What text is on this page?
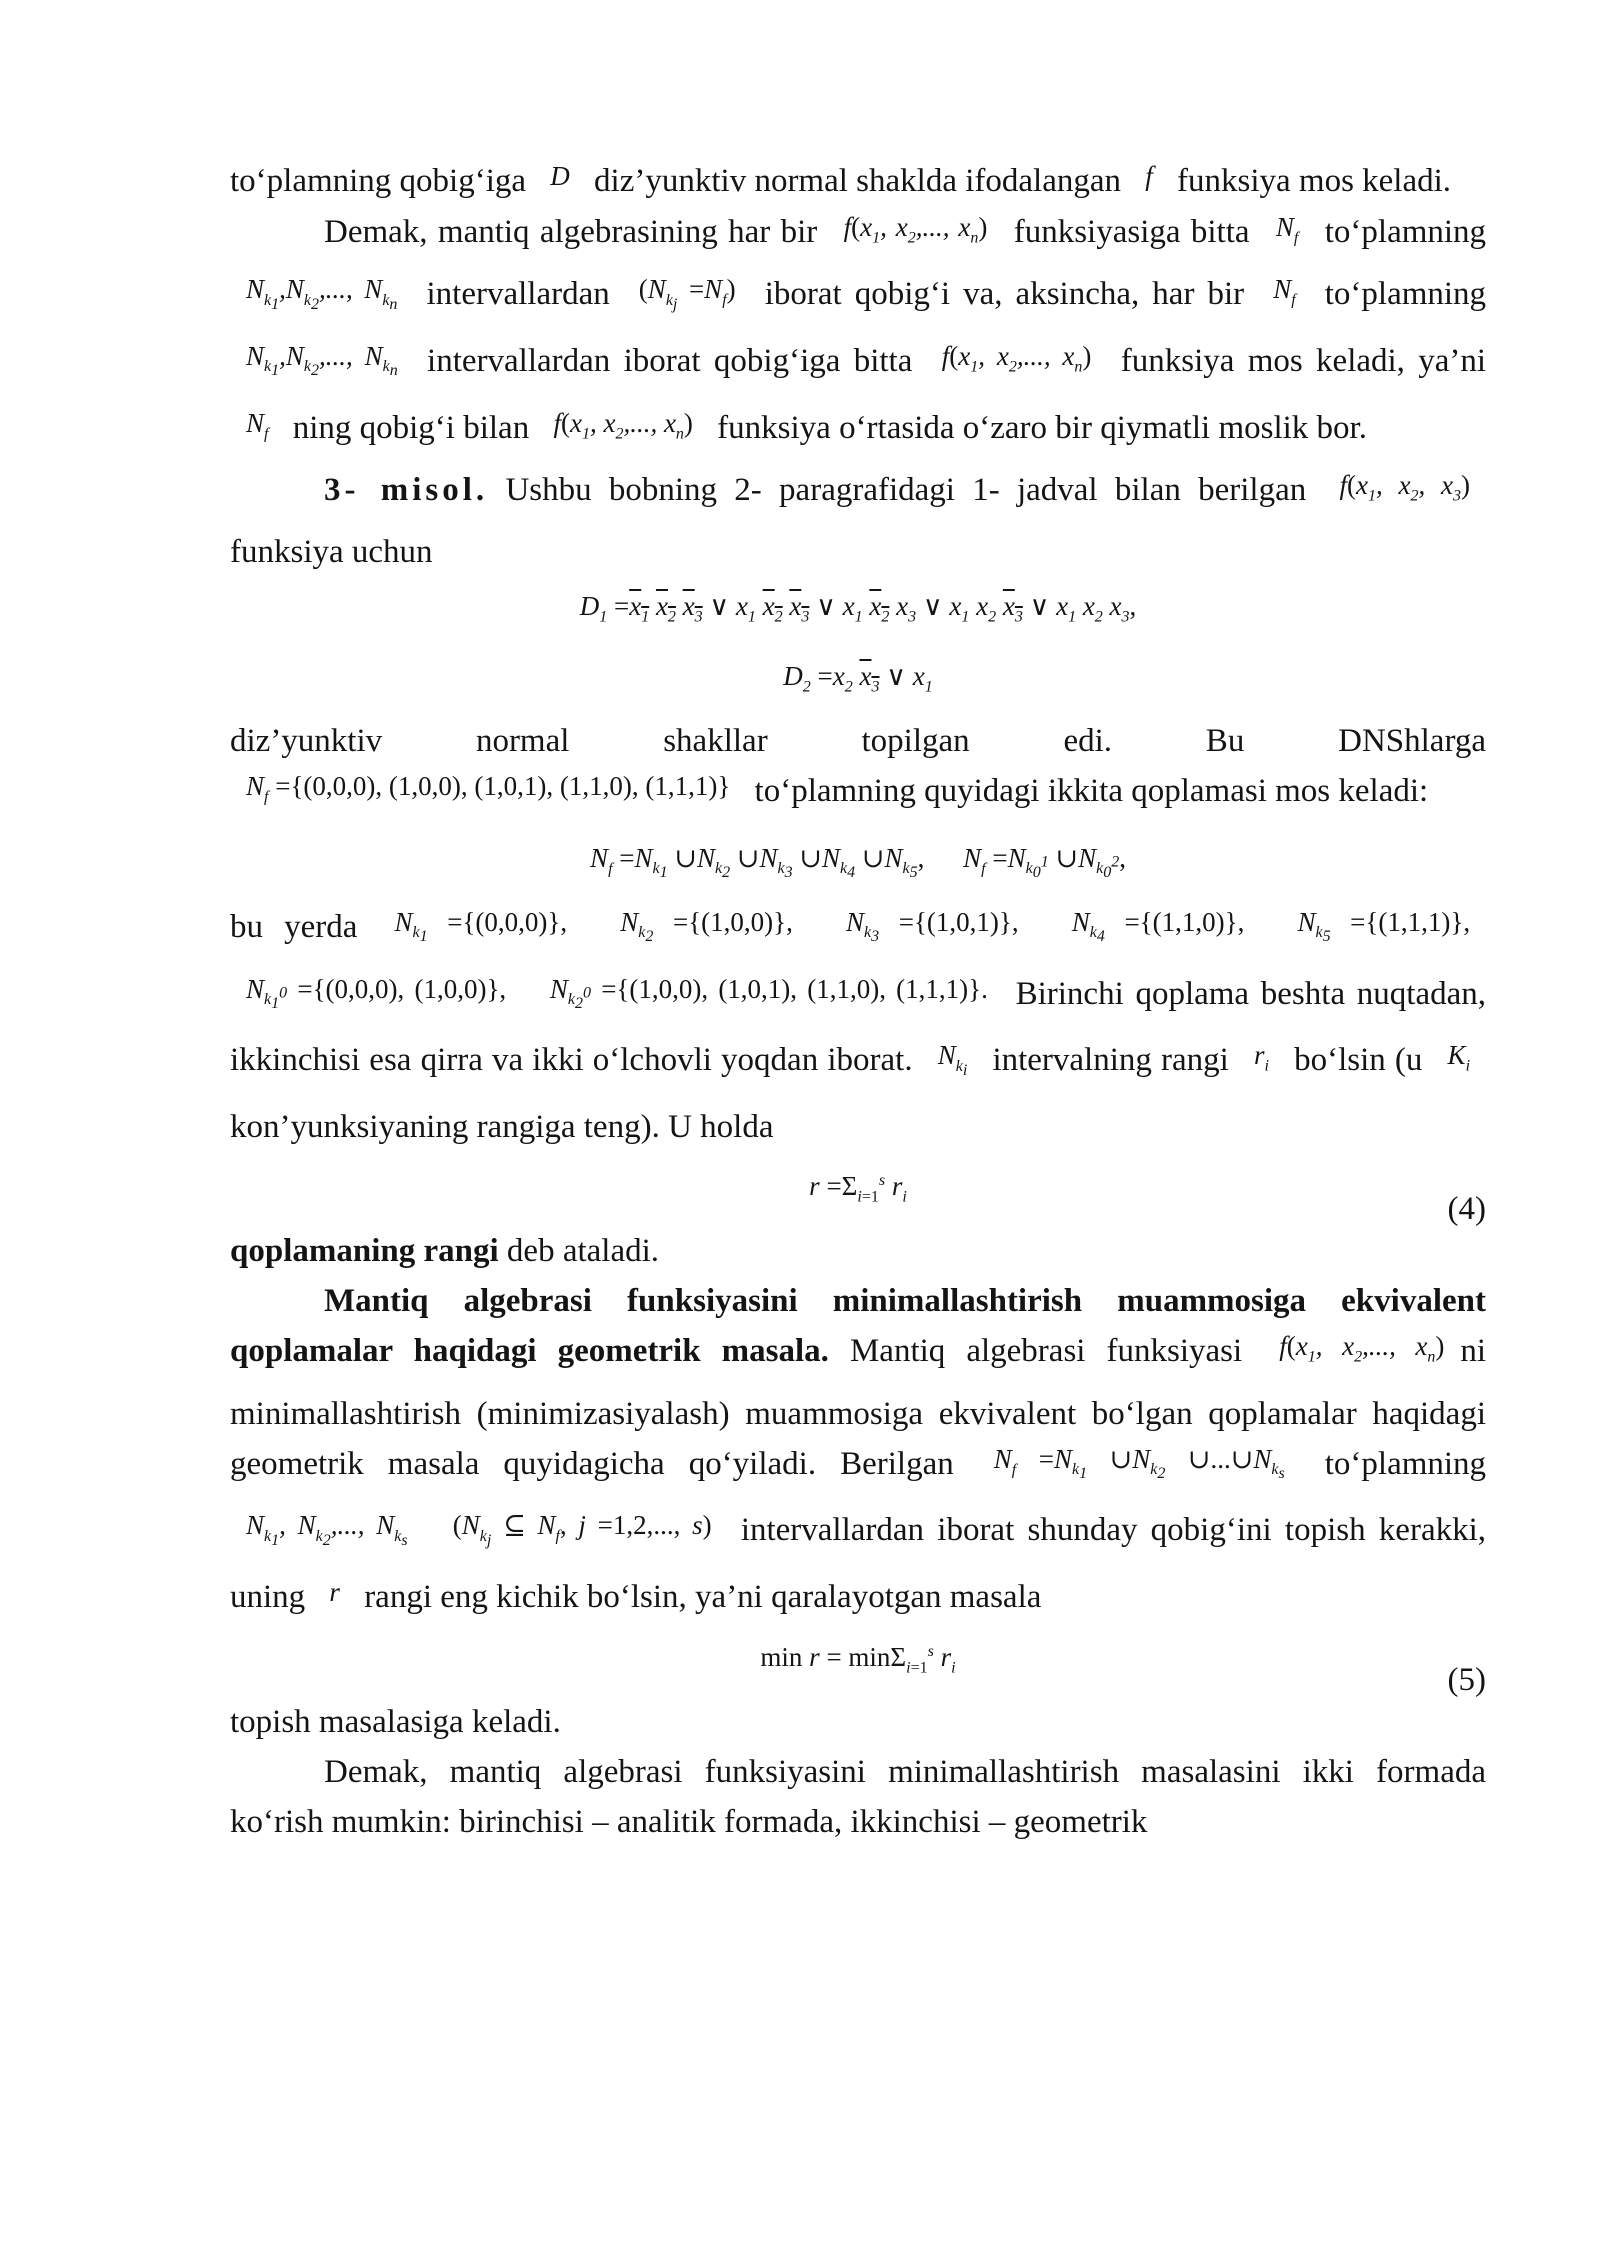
to‘plamning qobig‘iga D diz’yunktiv normal shaklda ifodalangan f funksiya mos keladi.

Demak, mantiq algebrasining har bir $f(x_1$, $x_2$,..., $x_n$) funksiyasiga bitta $N_f$ to‘plamning $N_{k_1},N_{k_2}$,..., $N_{k_n}$ intervallardan $(N_{k_j} =N_f)$ iborat qobig‘i va, aksincha, har bir $N_f$ to‘plamning $N_{k_1},N_{k_2}$,..., $N_{k_n}$ intervallardan iborat qobig‘iga bitta $f(x_1$, $x_2$,..., $x_n$) funksiya mos keladi, ya’ni $N_f$ ning qobig‘i bilan $f(x_1$, $x_2$,..., $x_n$) funksiya o‘rtasida o‘zaro bir qiymatli moslik bor.

3- misol. Ushbu bobning 2- paragrafidagi 1- jadval bilan berilgan $f(x_1$, $x_2$, $x_3$) funksiya uchun

$D_1 =x_1$ $x_2$ $x_3$ ∨ $x_1$ $x_2$ $x_3$ ∨ $x_1$ $x_2$ $x_3$ ∨ $x_1$ $x_2$ $x_3$ ∨ $x_1$ $x_2$ $x_3$,
$D_2 =x_2$ $x_3$ ∨ $x_1$

diz’yunktiv normal shakllar topilgan edi. Bu DNShlarga $N_f =\{(0,0,0)$, (1,0,0), (1,0,1), (1,1,0), (1,1,1)} to‘plamning quyidagi ikkita qoplamasi mos keladi:

$N_f =N_{k_1}$ $\cup N_{k_2}$ $\cup N_{k_3}$ $\cup N_{k_4}$ $\cup N_{k_5}$, $N_f =N_{k_0^1}$ $\cup N_{k_0^2}$,

bu yerda $N_{k_1} =\{(0,0,0)\}$, $N_{k_2} =\{(1,0,0)\}$, $N_{k_3} =\{(1,0,1)\}$, $N_{k_4} =\{(1,1,0)\}$, $N_{k_5} =\{(1,1,1)\}$, $N_{k_1^0} =\{(0,0,0)$, (1,0,0)}, $N_{k_2^0} =\{(1,0,0)$, (1,0,1), (1,1,0), (1,1,1)}. Birinchi qoplama beshta nuqtadan, ikkinchisi esa qirra va ikki o‘lchovli yoqdan iborat. $N_{k_i}$ intervalning rangi $r_i$ bo‘lsin (u $K_i$ kon’yunksiyaning rangiga teng). U holda

$r =\Sigma_{i=1}^s$ $r_i$	(4)

qoplamaning rangi deb ataladi.

Mantiq algebrasi funksiyasini minimallashtirish muammosiga ekvivalent qoplamalar haqidagi geometrik masala. Mantiq algebrasi funksiyasi $f(x_1$, $x_2$,..., $x_n$) ni minimallashtirish (minimizasiyalash) muammosiga ekvivalent bo‘lgan qoplamalar haqidagi geometrik masala quyidagicha qo‘yiladi. Berilgan $N_f =N_{k_1}$ $\cup N_{k_2}$ $\cup...\cup N_{k_s}$ to‘plamning $N_{k_1}$, $N_{k_2}$,..., $N_{k_s}$ ($N_{k_j}$ ⊆ $N_f$, j =1,2,..., s) intervallardan iborat shunday qobig‘ini topish kerakki, uning r rangi eng kichik bo‘lsin, ya’ni qaralayotgan masala

min r = minΣ$_{i=1}^s$ $r_i$	(5)

topish masalasiga keladi.

Demak, mantiq algebrasi funksiyasini minimallashtirish masalasini ikki formada ko‘rish mumkin: birinchisi – analitik formada, ikkinchisi – geometrik
